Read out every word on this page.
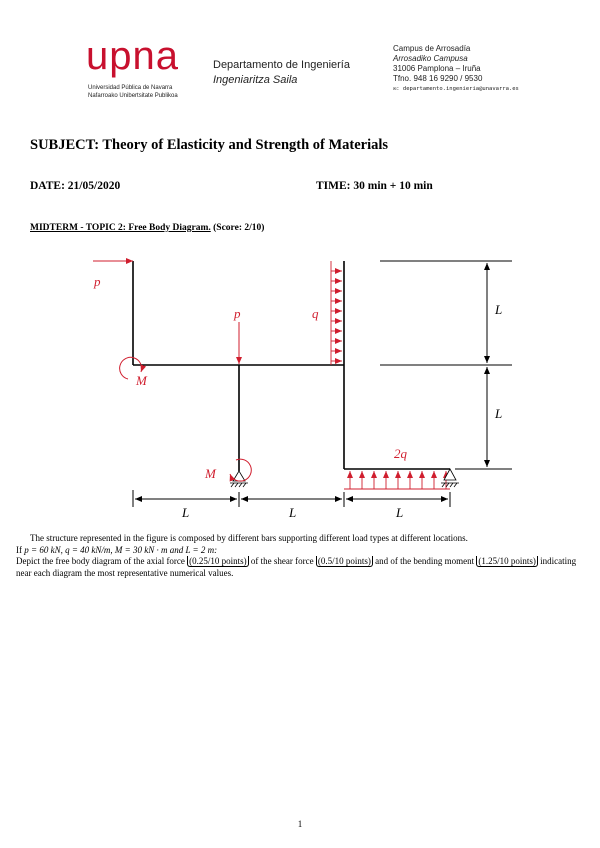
upna
Universidad Pública de Navarra
Nafarroako Unibertsitate Publikoa
Departamento de Ingeniería
Ingeniaritza Saila
Campus de Arrosadía
Arrosadiko Campusa
31006 Pamplona – Iruña
Tfno. 948 16 9290 / 9530
✉: departamento.ingenieria@unavarra.es
SUBJECT: Theory of Elasticity and Strength of Materials
DATE: 21/05/2020	TIME: 30 min + 10 min
MIDTERM - TOPIC 2: Free Body Diagram. (Score: 2/10)
p
p
M
q
2q
M
L
L
L	L	L

The structure represented in the figure is composed by different bars supporting different load types at different locations.

If p = 60 kN, q = 40 kN/m, M = 30 kN · m and L = 2 m:

Depict the free body diagram of the axial force (0.25/10 points) of the shear force (0.5/10 points) and of the bending moment (1.25/10 points) indicating near each diagram the most representative numerical values.

1
